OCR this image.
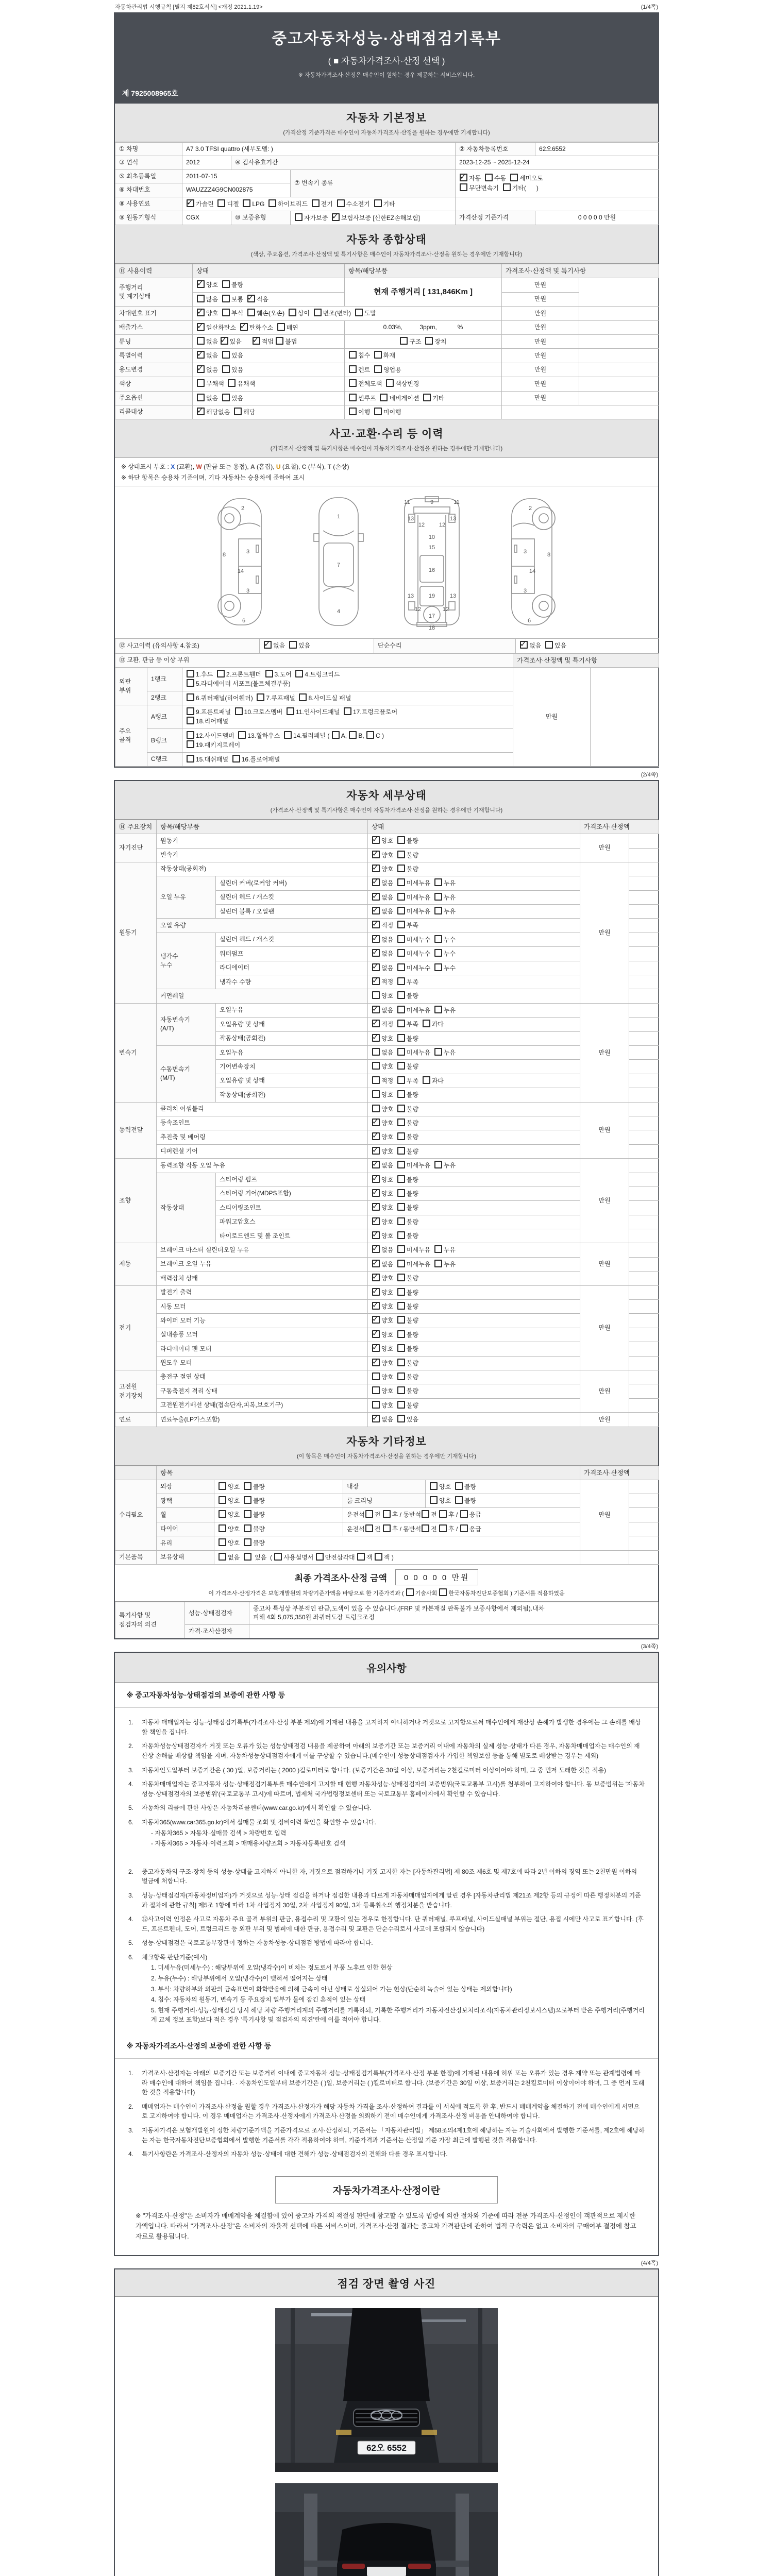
자동차관리법 시행규칙 [별지 제82호서식] <개정 2021.1.19>	(1/4쪽)
중고자동차성능·상태점검기록부
( ■ 자동차가격조사·산정 선택 )
※ 자동차가격조사·산정은 매수인이 원하는 경우 제공하는 서비스입니다.
제 7925008965호
자동차 기본정보
(가격산정 기준가격은 매수인이 자동차가격조사·산정을 원하는 경우에만 기재합니다)
① 차명	A7 3.0 TFSI quattro (세부모델: )			② 자동차등록번호	62오6552
③ 연식	2012	④ 검사유효기간		2023-12-25 ~ 2025-12-24	
⑤ 최초등록일	2011-07-15		⑦ 변속기 종류	✓자동  수동  세미오토
무단변속기  기타(      )
⑥ 차대번호	WAUZZZ4G9CN002875				
⑧ 사용연료	✓가솔린  디젤  LPG  하이브리드  전기  수소전기  기타	
⑨ 원동기형식	CGX	⑩ 보증유형	자가보증  ✓보험사보증 [신한EZ손해보험]	가격산정 기준가격	0 0 0 0 0 만원
자동차 종합상태
(색상, 주요옵션, 가격조사·산정액 및 특기사항은 매수인이 자동차가격조사·산정을 원하는 경우에만 기재합니다)
⑪ 사용이력	상태	항목/해당부품	가격조사·산정액 및 특기사항	
주행거리
및 계기상태	✓양호  불량	현재 주행거리 [ 131,846Km ]	만원	
	많음  보통  ✓적음		만원	
차대번호 표기	✓양호  부식  훼손(오손)  상이  변조(변타)  도말		만원	
배출가스	✓일산화탄소  ✓탄화수소  매연	0.03%,          3ppm,            %	만원	
튜닝	없음 ✓있음      ✓적법 불법	구조  장치	만원	
특별이력	✓없음  있음	침수  화재	만원	
용도변경	✓없음  있음	렌트  영업용	만원	
색상	무채색  유채색	전체도색  색상변경	만원	
주요옵션	없음  있음	썬루프  네비게이션  기타	만원	
리콜대상	✓해당없음  해당	이행  미이행		
사고·교환·수리 등 이력
(가격조사·산정액 및 특기사항은 매수인이 자동차가격조사·산정을 원하는 경우에만 기재합니다)
※ 상태표시 부호 : X (교환), W (판금 또는 용접), A (흠집), U (요철), C (부식), T (손상)
※ 하단 항목은 승용차 기준이며, 기타 자동차는 승용차에 준하여 표시
2
8	3
14
3
6
1
7
4
11	9	11
13	13
12	12
10
15
16
13	19	13
12
17
12
18
2
8
3
14
3
6
⑫ 사고이력 (유의사항 4.참조)	✓없음  있음	단순수리	✓없음  있음
⑬ 교환, 판금 등 이상 부위			가격조사·산정액 및 특기사항	
외판
부위	1랭크	1.후드  2.프론트휀더  3.도어  4.트렁크리드
5.라디에이터 서포트(볼트체결부품)	만원	
	2랭크	6.쿼터패널(리어휀더)  7.루프패널  8.사이드실 패널		
주요
골격	A랭크	9.프론트패널  10.크로스멤버  11.인사이드패널  17.트렁크플로어
18.리어패널		
	B랭크	12.사이드멤버  13.휠하우스  14.필러패널 ( A, B, C )
19.패키지트레이		
	C랭크	15.대쉬패널  16.플로어패널		
(2/4쪽)
자동차 세부상태
(가격조사·산정액 및 특기사항은 매수인이 자동차가격조사·산정을 원하는 경우에만 기재합니다)
⑭ 주요장치	항목/해당부품		상태	가격조사·산정액	
자기진단	원동기	✓양호  불량	만원	
	변속기	✓양호  불량	
원동기	작동상태(공회전)	✓양호  불량	만원	
	오일 누유	실린더 커버(로커암 커버)	✓없음  미세누유  누유	
		실린더 헤드 / 개스킷	✓없음  미세누유  누유	
		실린더 블록 / 오일팬	✓없음  미세누유  누유	
	오일 유량	✓적정  부족	
	냉각수
누수	실린더 헤드 / 개스킷	✓없음  미세누수  누수	
		워터펌프	✓없음  미세누수  누수	
		라디에이터	✓없음  미세누수  누수	
		냉각수 수량	✓적정  부족	
	커먼레일		양호  불량		
변속기	자동변속기
(A/T)	오일누유	✓없음  미세누유  누유	만원	
		오일유량 및 상태	✓적정  부족  과다	
		작동상태(공회전)	✓양호  불량	
	수동변속기
(M/T)	오일누유	없음  미세누유  누유		
		기어변속장치	양호  불량		
		오일유량 및 상태	적정  부족  과다		
		작동상태(공회전)	양호  불량		
동력전달	클러치 어셈블리		양호  불량	만원	
	등속조인트	✓양호  불량	
	추진축 및 베어링	✓양호  불량	
	디퍼렌셜 기어	✓양호  불량	
조향	동력조향 작동 오일 누유	✓없음  미세누유  누유	만원	
	작동상태	스티어링 펌프	✓양호  불량	
		스티어링 기어(MDPS포함)	✓양호  불량	
		스티어링조인트	✓양호  불량	
		파워고압호스	✓양호  불량	
		타이로드엔드 및 볼 조인트	✓양호  불량	
제동	브레이크 마스터 실린더오일 누유	✓없음  미세누유  누유	만원	
	브레이크 오일 누유	✓없음  미세누유  누유	
	배력장치 상태	✓양호  불량	
전기	발전기 출력	✓양호  불량	만원	
	시동 모터	✓양호  불량	
	와이퍼 모터 기능	✓양호  불량	
	실내송풍 모터	✓양호  불량	
	라디에이터 팬 모터	✓양호  불량	
	윈도우 모터	✓양호  불량	
고전원
전기장치	충전구 절연 상태		양호  불량	만원	
	구동축전지 격리 상태		양호  불량		
	고전원전기배선 상태(접속단자,피복,보호기구)		양호  불량		
연료	연료누출(LP가스포함)	✓없음  있음	만원	
자동차 기타정보
(이 항목은 매수인이 자동차가격조사·산정을 원하는 경우에만 기재합니다)
	항목				가격조사·산정액	
수리필요	외장	양호  불량	내장	양호  불량	만원	
	광택	양호  불량	룸 크리닝	양호  불량		
	휠	양호  불량	운전석 전 후 / 동반석 전 후 / 응급			
	타이어	양호  불량	운전석 전 후 / 동반석 전 후 / 응급			
	유리	양호  불량				
기본품목	보유상태	없음   있음  ( 사용설명서 안전삼각대 잭 잭 )				
최종 가격조사·산정 금액	0 0 0 0 0 만원
이 가격조사·산정가격은 보험개발원의 차량기준가액을 바탕으로 한 기준가격과 ( 기술사회 한국자동차진단보증협회 ) 기준서를 적용하였음
특기사항 및
점검자의 의견	성능·상태점검자	중고차 특성상 부분적인 판금,도색이 있을 수 있습니다.(FRP 및 카본재질 판독불가 보증사항에서 제외됨).내차
피해 4회 5,075,350원 좌쿼터도장 트렁크조정
	가격·조사산정자	
(3/4쪽)
유의사항
※ 중고자동차성능·상태점검의 보증에 관한 사항 등
1.	자동차 매매업자는 성능·상태점검기록부(가격조사·산정 부분 제외)에 기재된 내용을 고지하지 아니하거나 거짓으로 고지함으로써 매수인에게 재산상 손해가 발생한 경우에는 그 손해를 배상할 책임을 집니다.
2.	자동차성능상태점검자가 거짓 또는 오류가 있는 성능상태점검 내용을 제공하여 아래의 보증기간 또는 보증거리 이내에 자동차의 실제 성능·상태가 다른 경우, 자동차매매업자는 매수인의 재산상 손해를 배상할 책임을 지며, 자동차성능상태점검자에게 이를 구상할 수 있습니다.(매수인이 성능상태점검자가 가입한 책임보험 등을 통해 별도로 배상받는 경우는 제외)
3.	자동차인도일부터 보증기간은 ( 30 )일, 보증거리는 ( 2000 )킬로미터로 합니다. (보증기간은 30일 이상, 보증거리는 2천킬로미터 이상이어야 하며, 그 중 먼저 도래한 것을 적용)
4.	자동차매매업자는 중고자동차 성능·상태점검기록부를 매수인에게 고지할 때 현행 자동차성능·상태점검자의 보증범위(국토교통부 고시)를 첨부하여 고지하여야 합니다. 동 보증범위는 '자동차성능·상태점검자의 보증범위'(국토교통부 고시)에 따르며, 법제처 국가법령정보센터 또는 국토교통부 홈페이지에서 확인할 수 있습니다.
5.	자동차의 리콜에 관한 사항은 자동차리콜센터(www.car.go.kr)에서 확인할 수 있습니다.
6.	자동차365(www.car365.go.kr)에서 실매물 조회 및 정비이력 확인을 확인할 수 있습니다.
- 자동차365 > 자동차·실매물 검색 > 차량번호 입력
- 자동차365 > 자동차·이력조회 > 매매용차량조회 > 자동차등록번호 검색
2.	중고자동차의 구조·장치 등의 성능·상태를 고지하지 아니한 자, 거짓으로 점검하거나 거짓 고지한 자는 [자동차관리법] 제 80조 제6호 및 제7호에 따라 2년 이하의 징역 또는 2천만원 이하의 벌금에 처합니다.
3.	성능·상태점검자(자동차정비업자)가 거짓으로 성능·상태 점검을 하거나 점검한 내용과 다르게 자동차매매업자에게 알린 경우 [자동차관리법 제21조 제2항 등의 규정에 따른 행정처분의 기준과 절차에 관한 규칙] 제5조 1항에 따라 1차 사업정지 30일, 2차 사업정지 90일, 3차 등록취소의 행정처분을 받습니다.
4.	⑫사고이력 인정은 사고로 자동차 주요 골격 부위의 판금, 용접수리 및 교환이 있는 경우로 한정합니다. 단 쿼터패널, 루프패널, 사이드실패널 부위는 절단, 용접 시에만 사고로 표기합니다. (후드, 프론트펜더, 도어, 트렁크리드 등 외판 부위 및 범퍼에 대한 판금, 용접수리 및 교환은 단순수리로서 사고에 포함되지 않습니다)
5.	성능·상태점검은 국토교통부장관이 정하는 자동차성능·상태점검 방법에 따라야 합니다.
6.	체크항목 판단기준(예시)
1. 미세누유(미세누수) : 해당부위에 오일(냉각수)이 비치는 정도로서 부품 노후로 인한 현상
2. 누유(누수) : 해당부위에서 오일(냉각수)이 맺혀서 떨어지는 상태
3. 부식: 차량하부와 외판의 금속표면이 화학반응에 의해 금속이 아닌 상태로 상실되어 가는 현상(단순히 녹슬어 있는 상태는 제외합니다)
4. 침수: 자동차의 원동기, 변속기 등 주요장치 일부가 물에 잠긴 흔적이 있는 상태
5. 현재 주행거리·성능·상태점검 당시 해당 차량 주행거리계의 주행거리를 기록하되, 기록한 주행거리가 자동차전산정보처리조직(자동차관리정보시스템)으로부터 받은 주행거리(주행거리계 교체 정보 포함)보다 적은 경우 '특기사항 및 점검자의 의견'란에 이를 적어야 합니다.
※ 자동차가격조사·산정의 보증에 관한 사항 등
1.	가격조사·산정자는 아래의 보증기간 또는 보증거리 이내에 중고자동차 성능·상태점검기록부(가격조사·산정 부분 한정)에 기재된 내용에 허위 또는 오류가 있는 경우 계약 또는 관계법령에 따라 매수인에 대하여 책임을 집니다. · 자동차인도일부터 보증기간은 ( )일, 보증거리는 ( )킬로미터로 합니다. (보증기간은 30일 이상, 보증거리는 2천킬로미터 이상이어야 하며, 그 중 먼저 도래한 것을 적용합니다)
2.	매매업자는 매수인이 가격조사·산정을 원할 경우 가격조사·산정자가 해당 자동차 가격을 조사·산정하여 결과를 이 서식에 적도록 한 후, 반드시 매매계약을 체결하기 전에 매수인에게 서면으로 고지하여야 합니다. 이 경우 매매업자는 가격조사·산정자에게 가격조사·산정을 의뢰하기 전에 매수인에게 가격조사·산정 비용을 안내하여야 합니다.
3.	자동차가격은 보험개발원이 정한 차량기준가액을 기준가격으로 조사·산정하되, 기준서는 「자동차관리법」 제58조의4제1호에 해당하는 자는 기술사회에서 발행한 기준서를, 제2호에 해당하는 자는 한국자동차진단보증협회에서 발행한 기준서를 각각 적용하여야 하며, 기준가격과 기준서는 산정일 기준 가장 최근에 발행된 것을 적용합니다.
4.	특기사항란은 가격조사·산정자의 자동차 성능·상태에 대한 견해가 성능·상태점검자의 견해와 다를 경우 표시합니다.
자동차가격조사·산정이란
※ "가격조사·산정"은 소비자가 매매계약을 체결함에 있어 중고차 가격의 적절성 판단에 참고할 수 있도록 법령에 의한 절차와 기준에 따라 전문 가격조사·산정인이 객관적으로 제시한 가액입니다. 따라서 "가격조사·산정"은 소비자의 자율적 선택에 따른 서비스이며, 가격조사·산정 결과는 중고차 가격판단에 관하여 법적 구속력은 없고 소비자의 구매여부 결정에 참고자료로 활용됩니다.
(4/4쪽)
점검 장면 촬영 사진
62오 6552
